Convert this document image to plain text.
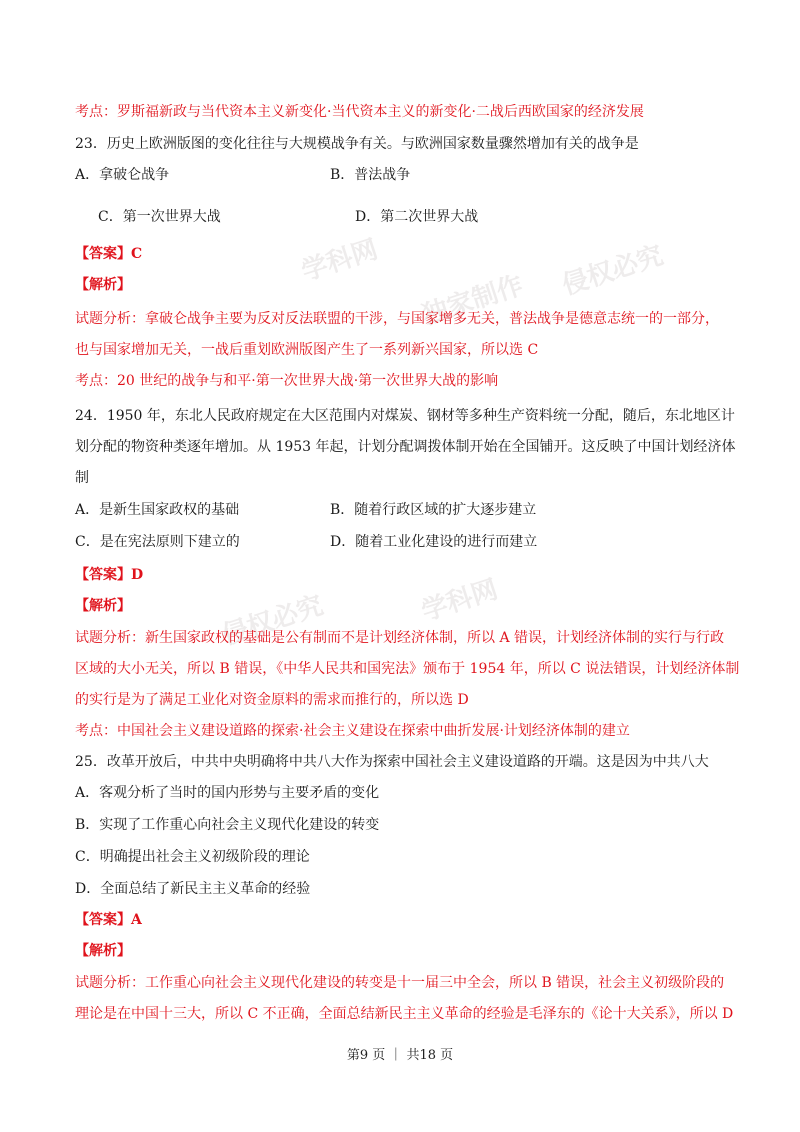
学科网	侵权必究
独家制作
学科网
侵权必究
考点：罗斯福新政与当代资本主义新变化·当代资本主义的新变化·二战后西欧国家的经济发展
23．历史上欧洲版图的变化往往与大规模战争有关。与欧洲国家数量骤然增加有关的战争是
A．拿破仑战争	B．普法战争
C．第一次世界大战	D．第二次世界大战
【答案】C
【解析】
试题分析：拿破仑战争主要为反对反法联盟的干涉，与国家增多无关，普法战争是德意志统一的一部分，
也与国家增加无关，一战后重划欧洲版图产生了一系列新兴国家，所以选 C
考点：20 世纪的战争与和平·第一次世界大战·第一次世界大战的影响
24．1950 年，东北人民政府规定在大区范围内对煤炭、钢材等多种生产资料统一分配，随后，东北地区计
划分配的物资种类逐年增加。从 1953 年起，计划分配调拨体制开始在全国铺开。这反映了中国计划经济体
制
A．是新生国家政权的基础	B．随着行政区域的扩大逐步建立
C．是在宪法原则下建立的	D．随着工业化建设的进行而建立
【答案】D
【解析】
试题分析：新生国家政权的基础是公有制而不是计划经济体制，所以 A 错误，计划经济体制的实行与行政
区域的大小无关，所以 B 错误，《中华人民共和国宪法》颁布于 1954 年，所以 C 说法错误，计划经济体制
的实行是为了满足工业化对资金原料的需求而推行的，所以选 D
考点：中国社会主义建设道路的探索·社会主义建设在探索中曲折发展·计划经济体制的建立
25．改革开放后，中共中央明确将中共八大作为探索中国社会主义建设道路的开端。这是因为中共八大
A．客观分析了当时的国内形势与主要矛盾的变化
B．实现了工作重心向社会主义现代化建设的转变
C．明确提出社会主义初级阶段的理论
D．全面总结了新民主主义革命的经验
【答案】A
【解析】
试题分析：工作重心向社会主义现代化建设的转变是十一届三中全会，所以 B 错误，社会主义初级阶段的
理论是在中国十三大，所以 C 不正确，全面总结新民主主义革命的经验是毛泽东的《论十大关系》，所以 D
第9 页 ｜ 共18 页
